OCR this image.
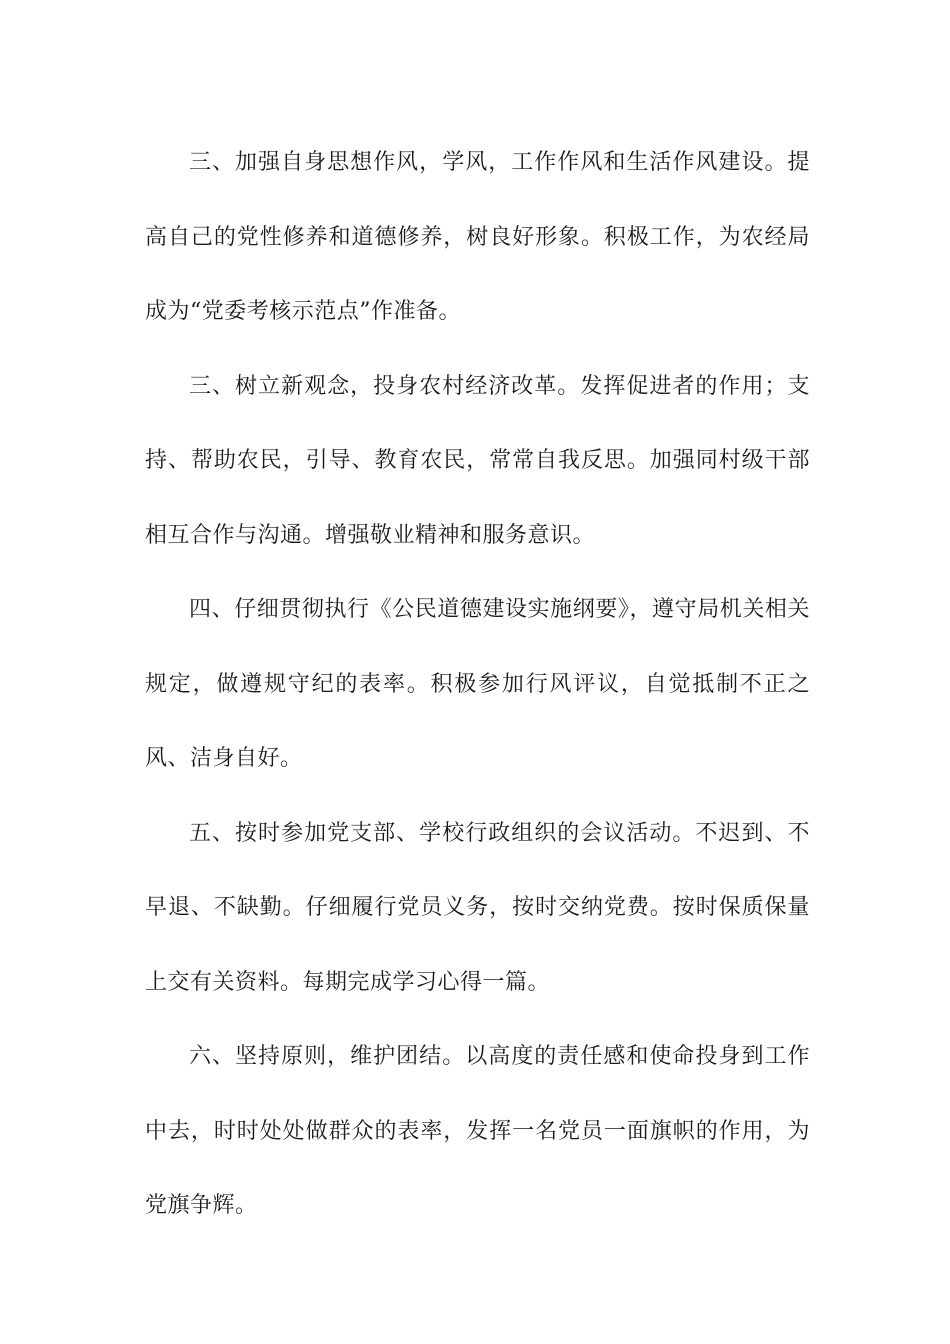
三、加强自身思想作风，学风，工作作风和生活作风建设。提高自己的党性修养和道德修养，树良好形象。积极工作，为农经局成为“党委考核示范点”作准备。

三、树立新观念，投身农村经济改革。发挥促进者的作用；支持、帮助农民，引导、教育农民，常常自我反思。加强同村级干部相互合作与沟通。增强敬业精神和服务意识。

四、仔细贯彻执行《公民道德建设实施纲要》，遵守局机关相关规定，做遵规守纪的表率。积极参加行风评议，自觉抵制不正之风、洁身自好。

五、按时参加党支部、学校行政组织的会议活动。不迟到、不早退、不缺勤。仔细履行党员义务，按时交纳党费。按时保质保量上交有关资料。每期完成学习心得一篇。

六、坚持原则，维护团结。以高度的责任感和使命投身到工作中去，时时处处做群众的表率，发挥一名党员一面旗帜的作用，为党旗争辉。
